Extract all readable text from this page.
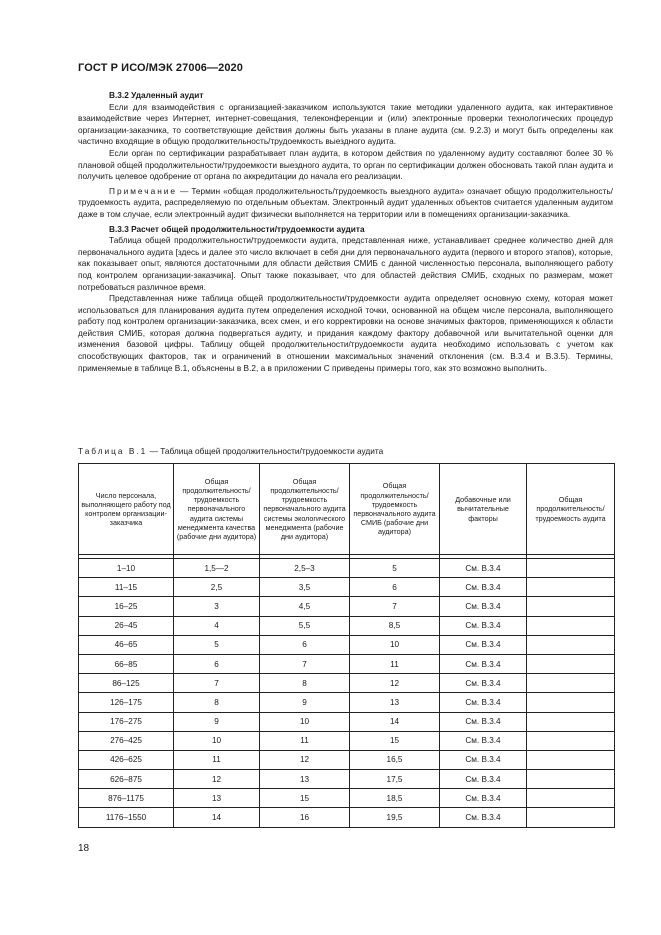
ГОСТ Р ИСО/МЭК 27006—2020

В.3.2 Удаленный аудит

Если для взаимодействия с организацией-заказчиком используются такие методики удаленного аудита, как интерактивное взаимодействие через Интернет, интернет-совещания, телеконференции и (или) электронные проверки технологических процедур организации-заказчика, то соответствующие действия должны быть указаны в плане аудита (см. 9.2.3) и могут быть определены как частично входящие в общую продолжительность/трудоемкость выездного аудита.

Если орган по сертификации разрабатывает план аудита, в котором действия по удаленному аудиту составляют более 30 % плановой общей продолжительности/трудоемкости выездного аудита, то орган по сертификации должен обосновать такой план аудита и получить целевое одобрение от органа по аккредитации до начала его реализации.

Примечание — Термин «общая продолжительность/трудоемкость выездного аудита» означает общую продолжительность/трудоемкость аудита, распределяемую по отдельным объектам. Электронный аудит удаленных объектов считается удаленным аудитом даже в том случае, если электронный аудит физически выполняется на территории или в помещениях организации-заказчика.

В.3.3 Расчет общей продолжительности/трудоемкости аудита

Таблица общей продолжительности/трудоемкости аудита, представленная ниже, устанавливает среднее количество дней для первоначального аудита [здесь и далее это число включает в себя дни для первоначального аудита (первого и второго этапов), которые, как показывает опыт, являются достаточными для области действия СМИБ с данной численностью персонала, выполняющего работу под контролем организации-заказчика]. Опыт также показывает, что для областей действия СМИБ, сходных по размерам, может потребоваться различное время.

Представленная ниже таблица общей продолжительности/трудоемкости аудита определяет основную схему, которая может использоваться для планирования аудита путем определения исходной точки, основанной на общем числе персонала, выполняющего работу под контролем организации-заказчика, всех смен, и его корректировки на основе значимых факторов, применяющихся к области действия СМИБ, которая должна подвергаться аудиту, и придания каждому фактору добавочной или вычитательной оценки для изменения базовой цифры. Таблицу общей продолжительности/трудоемкости аудита необходимо использовать с учетом как способствующих факторов, так и ограничений в отношении максимальных значений отклонения (см. В.3.4 и В.3.5). Термины, применяемые в таблице В.1, объяснены в В.2, а в приложении С приведены примеры того, как это возможно выполнить.

Таблица В.1 — Таблица общей продолжительности/трудоемкости аудита
Число персонала, выполняющего работу под контролем организации-заказчика	Общая продолжительность/трудоемкость первоначального аудита системы менеджмента качества (рабочие дни аудитора)	Общая продолжительность/трудоемкость первоначального аудита системы экологического менеджмента (рабочие дни аудитора)	Общая продолжительность/трудоемкость первоначального аудита СМИБ (рабочие дни аудитора)	Добавочные или вычитательные факторы	Общая продолжительность/трудоемкость аудита

1–10	1,5—2	2,5–3	5	См. В.3.4	
11–15	2,5	3,5	6	См. В.3.4	
16–25	3	4,5	7	См. В.3.4	
26–45	4	5,5	8,5	См. В.3.4	
46–65	5	6	10	См. В.3.4	
66–85	6	7	11	См. В.3.4	
86–125	7	8	12	См. В.3.4	
126–175	8	9	13	См. В.3.4	
176–275	9	10	14	См. В.3.4	
276–425	10	11	15	См. В.3.4	
426–625	11	12	16,5	См. В.3.4	
626–875	12	13	17,5	См. В.3.4	
876–1175	13	15	18,5	См. В.3.4	
1176–1550	14	16	19,5	См. В.3.4	
18
